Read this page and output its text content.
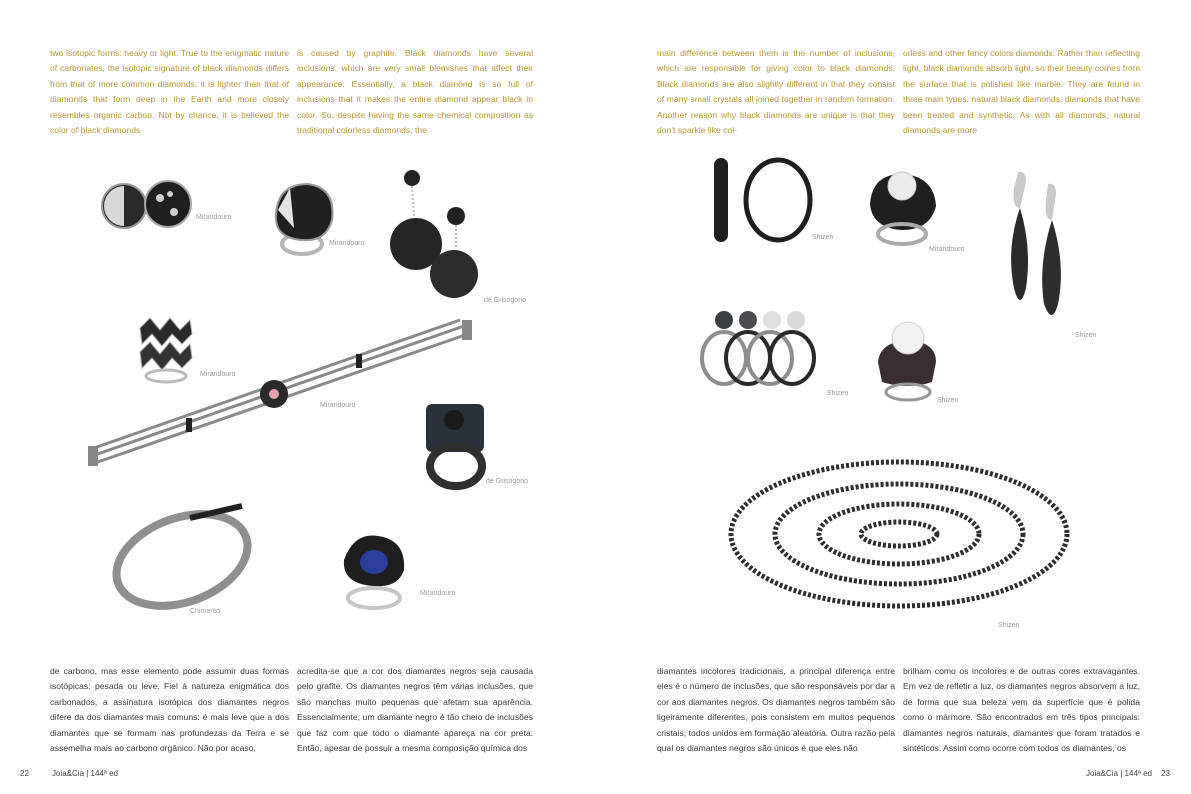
two isotopic forms: heavy or light. True to the enigmatic nature of carbonates, the isotopic signature of black diamonds differs from that of more common diamonds: it is lighter than that of diamonds that form deep in the Earth and more closely resembles organic carbon. Not by chance, it is believed the color of black diamonds
is caused by graphite. Black diamonds have several inclusions, which are very small blemishes that affect their appearance. Essentially, a black diamond is so full of inclusions that it makes the entire diamond appear black in color. So, despite having the same chemical composition as traditional colorless diamonds, the
main difference between them is the number of inclusions, which are responsible for giving color to black diamonds. Black diamonds are also slightly different in that they consist of many small crystals all joined together in random formation. Another reason why black diamonds are unique is that they don't sparkle like col-
orless and other fancy colors diamonds. Rather than reflecting light, black diamonds absorb light, so their beauty comes from the surface that is polished like marble. They are found in three main types: natural black diamonds, diamonds that have been treated and synthetic. As with all diamonds, natural diamonds are more
Mirandouro
Mirandouro
de Grisogono
Mirandouro
Mirandouro
de Grisogono
Chimento
Mirandouro
Shizen
Mirandouro
Shizen
Shizen
Shizen
Shizen
de carbono, mas esse elemento pode assumir duas formas isotópicas: pesada ou leve. Fiel à natureza enigmática dos carbonados, a assinatura isotópica dos diamantes negros difere da dos diamantes mais comuns: é mais leve que a dos diamantes que se formam nas profundezas da Terra e se assemelha mais ao carbono orgânico. Não por acaso,
acredita-se que a cor dos diamantes negros seja causada pelo grafite. Os diamantes negros têm várias inclusões, que são manchas muito pequenas que afetam sua aparência. Essencialmente, um diamante negro é tão cheio de inclusões que faz com que todo o diamante apareça na cor preta. Então, apesar de possuir a mesma composição química dos
diamantes incolores tradicionais, a principal diferença entre eles é o número de inclusões, que são responsáveis por dar a cor aos diamantes negros. Os diamantes negros também são ligeiramente diferentes, pois consistem em muitos pequenos cristais, todos unidos em formação aleatória. Outra razão pela qual os diamantes negros são únicos é que eles não
brilham como os incolores e de outras cores extravagantes. Em vez de refletir a luz, os diamantes negros absorvem a luz, de forma que sua beleza vem da superfície que é polida como o mármore. São encontrados em três tipos principais: diamantes negros naturais, diamantes que foram tratados e sintéticos. Assim como ocorre com todos os diamantes, os
22	Joia&Cia | 144ª ed	Joia&Cia | 144ª ed 23
